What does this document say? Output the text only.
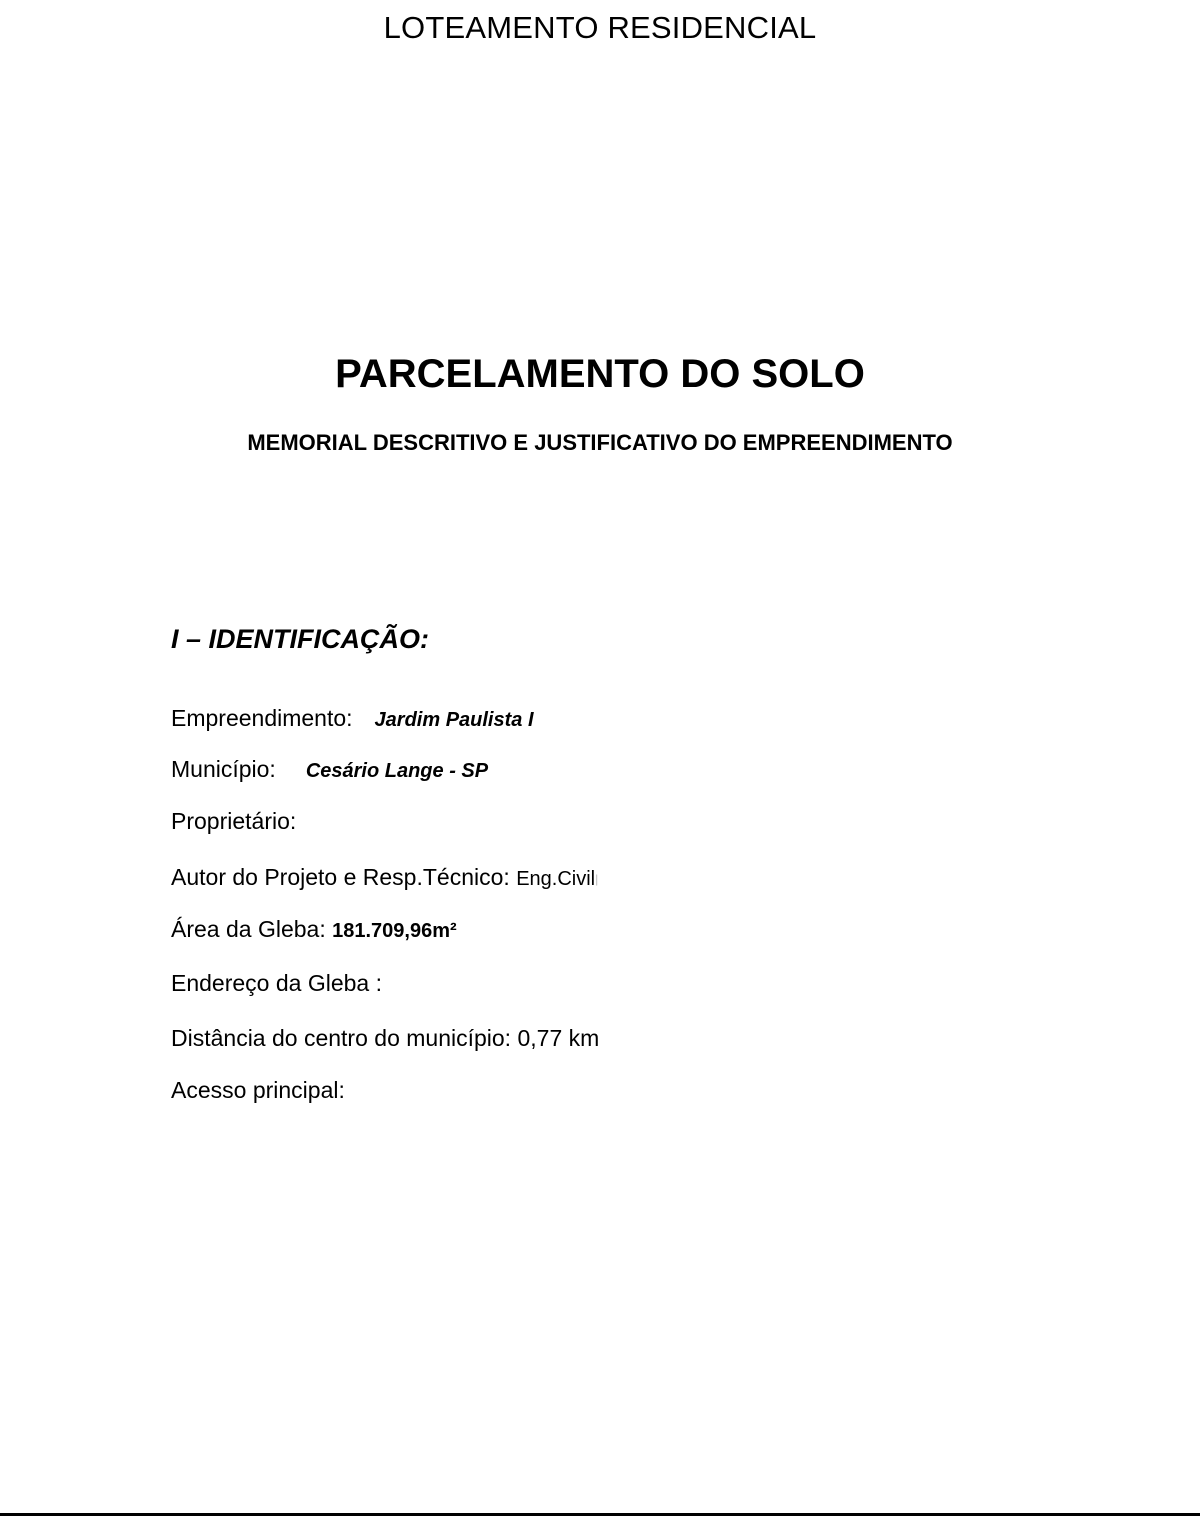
LOTEAMENTO RESIDENCIAL
PARCELAMENTO DO SOLO
MEMORIAL DESCRITIVO E JUSTIFICATIVO DO EMPREENDIMENTO
I – IDENTIFICAÇÃO:
Empreendimento: Jardim Paulista I
Município: Cesário Lange - SP
Proprietário:
Autor do Projeto e Resp.Técnico: Eng.Civil|
Área da Gleba: 181.709,96m²
Endereço da Gleba :
Distância do centro do município: 0,77 km
Acesso principal:
